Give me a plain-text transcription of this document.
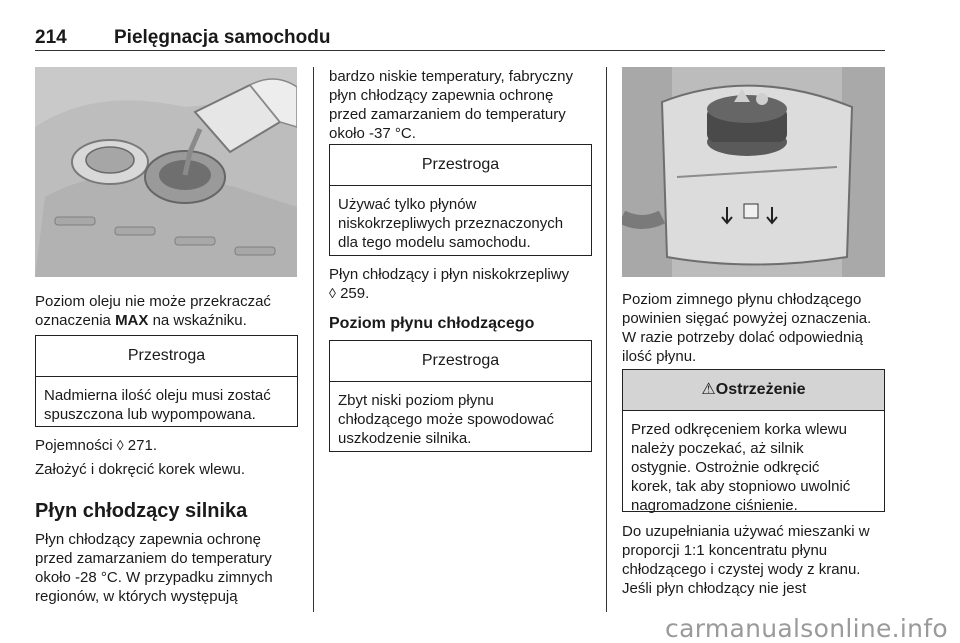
214 Pielęgnacja samochodu
Poziom oleju nie może przekraczać
oznaczenia MAX na wskaźniku.
Przestroga
Nadmierna ilość oleju musi zostać
spuszczona lub wypompowana.
Pojemności ◊ 271.
Założyć i dokręcić korek wlewu.
Płyn chłodzący silnika
Płyn chłodzący zapewnia ochronę
przed zamarzaniem do temperatury
około -28 °C. W przypadku zimnych
regionów, w których występują
bardzo niskie temperatury, fabryczny
płyn chłodzący zapewnia ochronę
przed zamarzaniem do temperatury
około -37 °C.
Przestroga
Używać tylko płynów
niskokrzepliwych przeznaczonych
dla tego modelu samochodu.
Płyn chłodzący i płyn niskokrzepliwy
◊ 259.
Poziom płynu chłodzącego
Przestroga
Zbyt niski poziom płynu
chłodzącego może spowodować
uszkodzenie silnika.
Poziom zimnego płynu chłodzącego
powinien sięgać powyżej oznaczenia.
W razie potrzeby dolać odpowiednią
ilość płynu.
⚠Ostrzeżenie
Przed odkręceniem korka wlewu
należy poczekać, aż silnik
ostygnie. Ostrożnie odkręcić
korek, tak aby stopniowo uwolnić
nagromadzone ciśnienie.
Do uzupełniania używać mieszanki w
proporcji 1:1 koncentratu płynu
chłodzącego i czystej wody z kranu.
Jeśli płyn chłodzący nie jest
carmanualsonline.info
